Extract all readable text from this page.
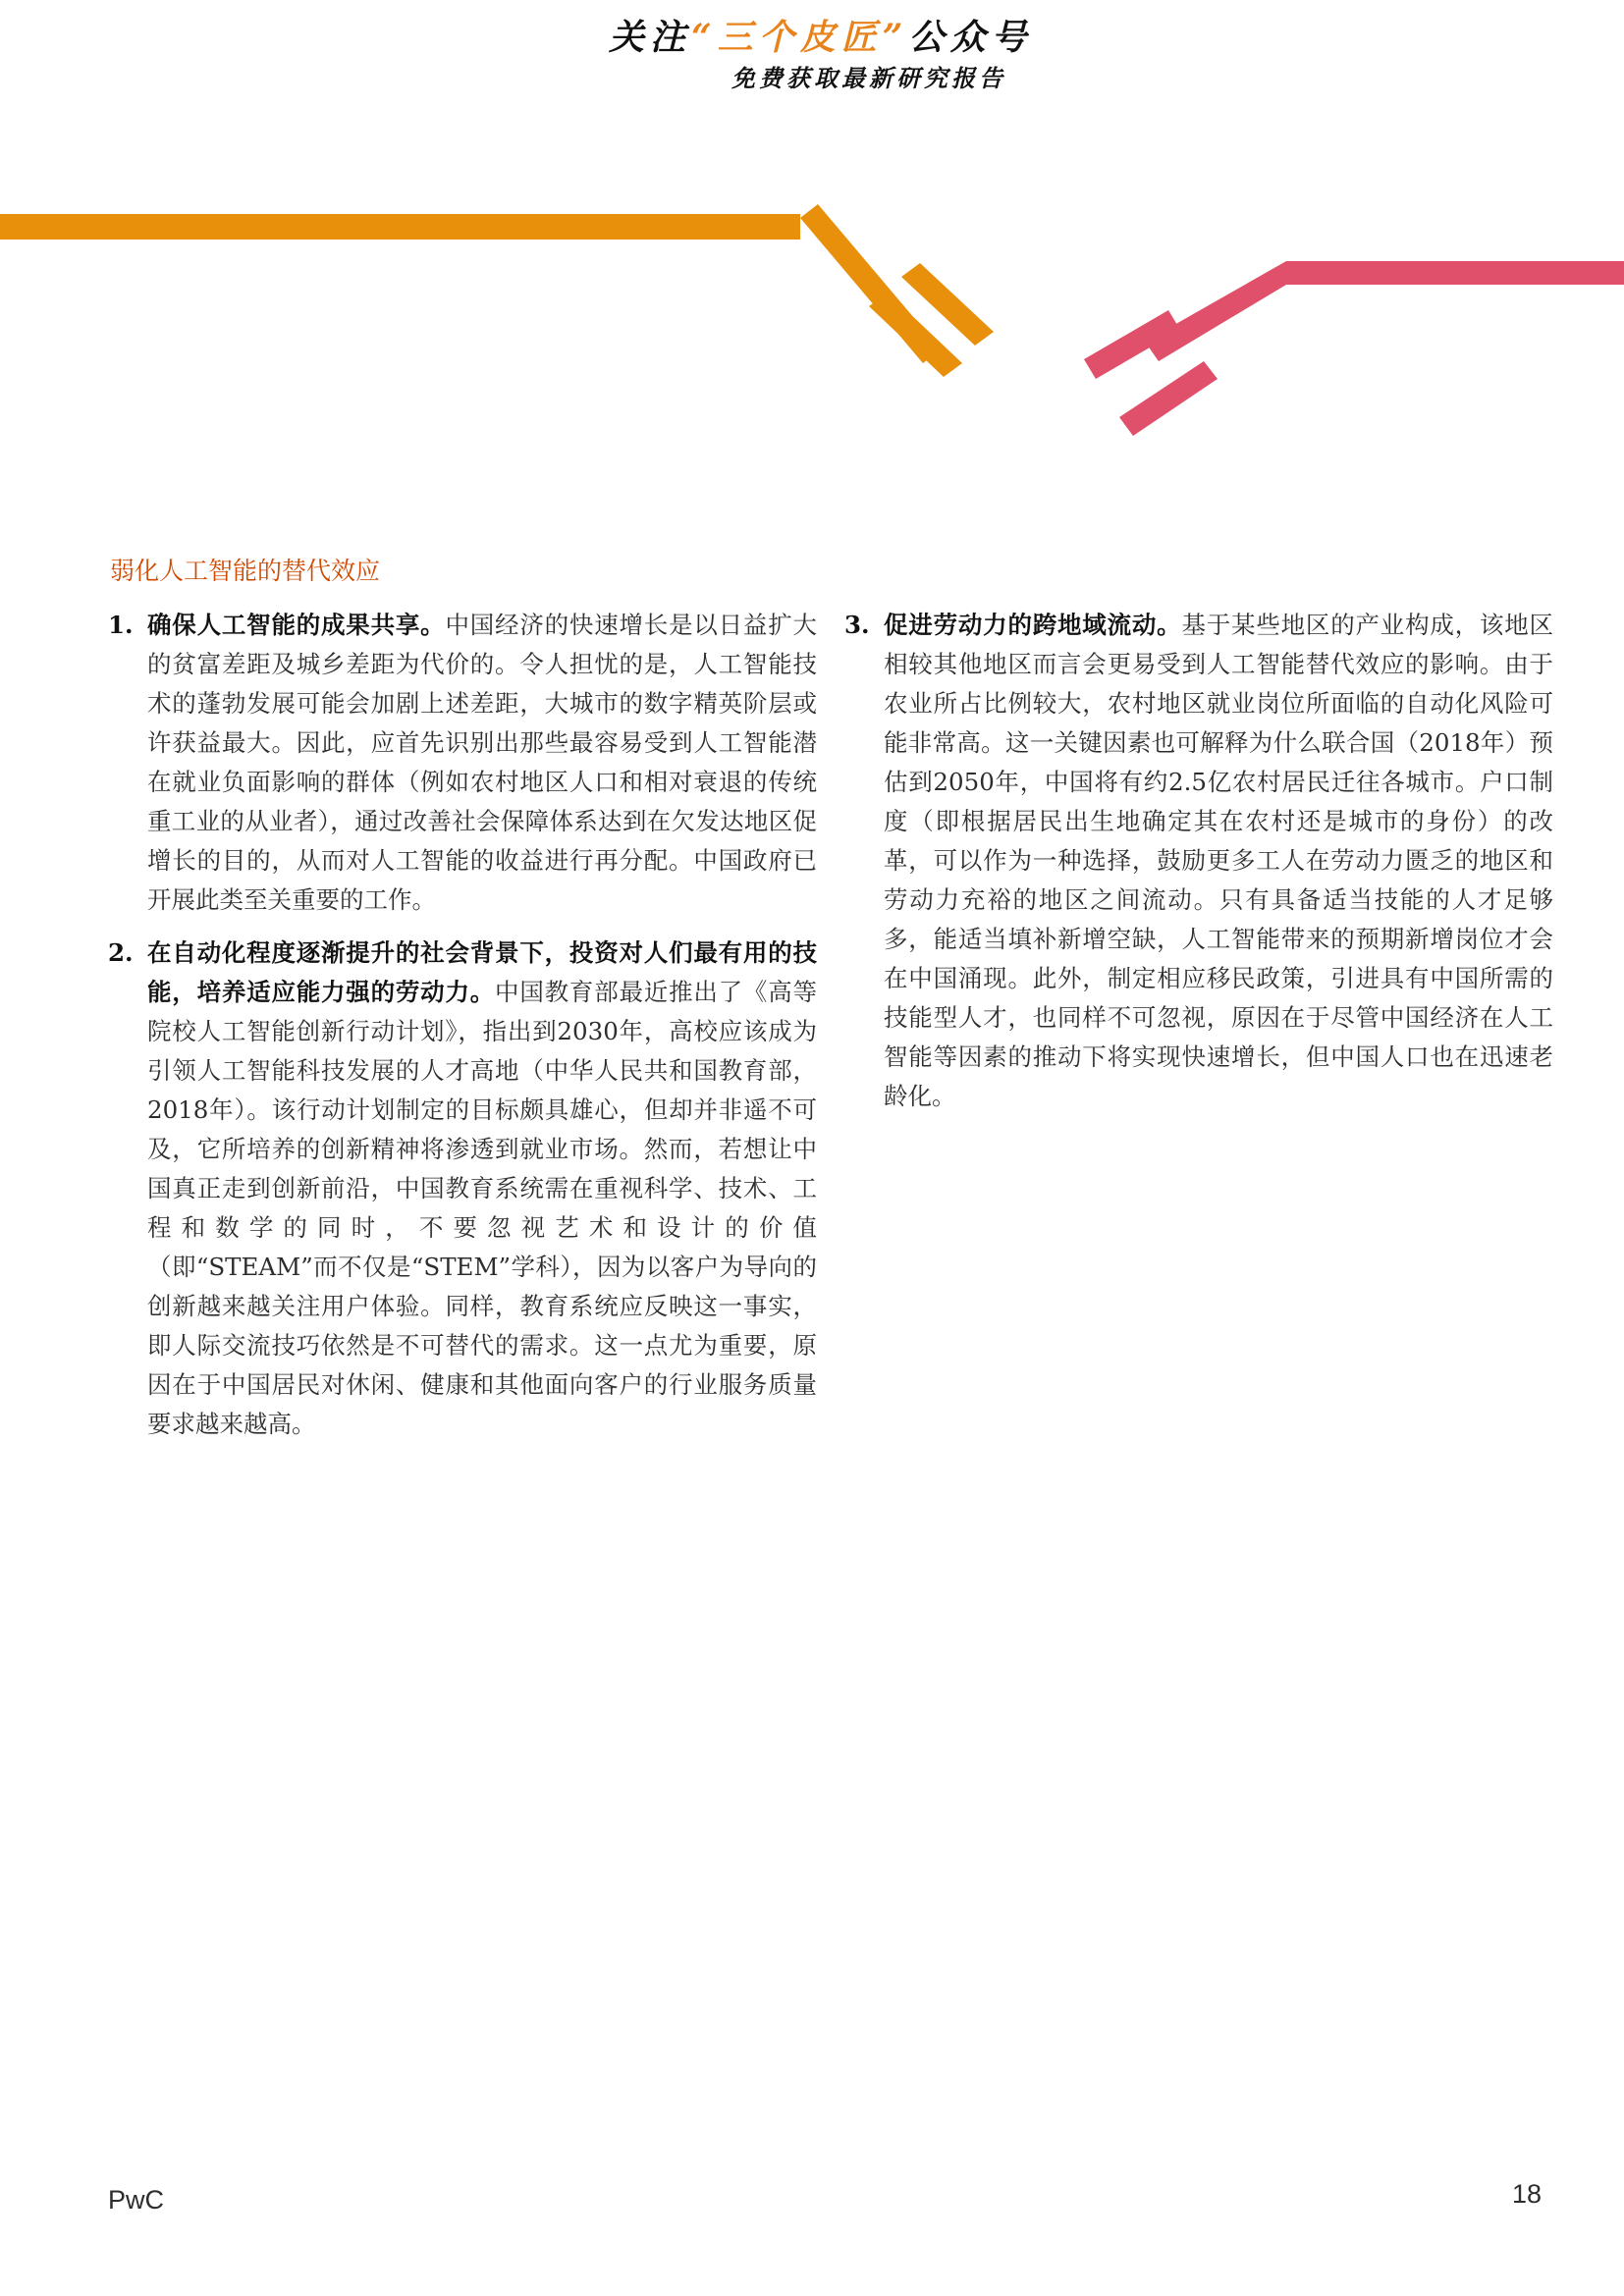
关注“三个皮匠”公众号
免费获取最新研究报告
弱化人工智能的替代效应
1. 确保人工智能的成果共享。中国经济的快速增长是以日益扩大的贫富差距及城乡差距为代价的。令人担忧的是，人工智能技术的蓬勃发展可能会加剧上述差距，大城市的数字精英阶层或许获益最大。因此，应首先识别出那些最容易受到人工智能潜在就业负面影响的群体（例如农村地区人口和相对衰退的传统重工业的从业者），通过改善社会保障体系达到在欠发达地区促增长的目的，从而对人工智能的收益进行再分配。中国政府已开展此类至关重要的工作。
2. 在自动化程度逐渐提升的社会背景下，投资对人们最有用的技能，培养适应能力强的劳动力。中国教育部最近推出了《高等院校人工智能创新行动计划》，指出到2030年，高校应该成为引领人工智能科技发展的人才高地（中华人民共和国教育部，2018年）。该行动计划制定的目标颇具雄心，但却并非遥不可及，它所培养的创新精神将渗透到就业市场。然而，若想让中国真正走到创新前沿，中国教育系统需在重视科学、技术、工程和数学的同时，不要忽视艺术和设计的价值（即“STEAM”而不仅是“STEM”学科），因为以客户为导向的创新越来越关注用户体验。同样，教育系统应反映这一事实，即人际交流技巧依然是不可替代的需求。这一点尤为重要，原因在于中国居民对休闲、健康和其他面向客户的行业服务质量要求越来越高。
3. 促进劳动力的跨地域流动。基于某些地区的产业构成，该地区相较其他地区而言会更易受到人工智能替代效应的影响。由于农业所占比例较大，农村地区就业岗位所面临的自动化风险可能非常高。这一关键因素也可解释为什么联合国（2018年）预估到2050年，中国将有约2.5亿农村居民迁往各城市。户口制度（即根据居民出生地确定其在农村还是城市的身份）的改革，可以作为一种选择，鼓励更多工人在劳动力匮乏的地区和劳动力充裕的地区之间流动。只有具备适当技能的人才足够多，能适当填补新增空缺，人工智能带来的预期新增岗位才会在中国涌现。此外，制定相应移民政策，引进具有中国所需的技能型人才，也同样不可忽视，原因在于尽管中国经济在人工智能等因素的推动下将实现快速增长，但中国人口也在迅速老龄化。
PwC	18
